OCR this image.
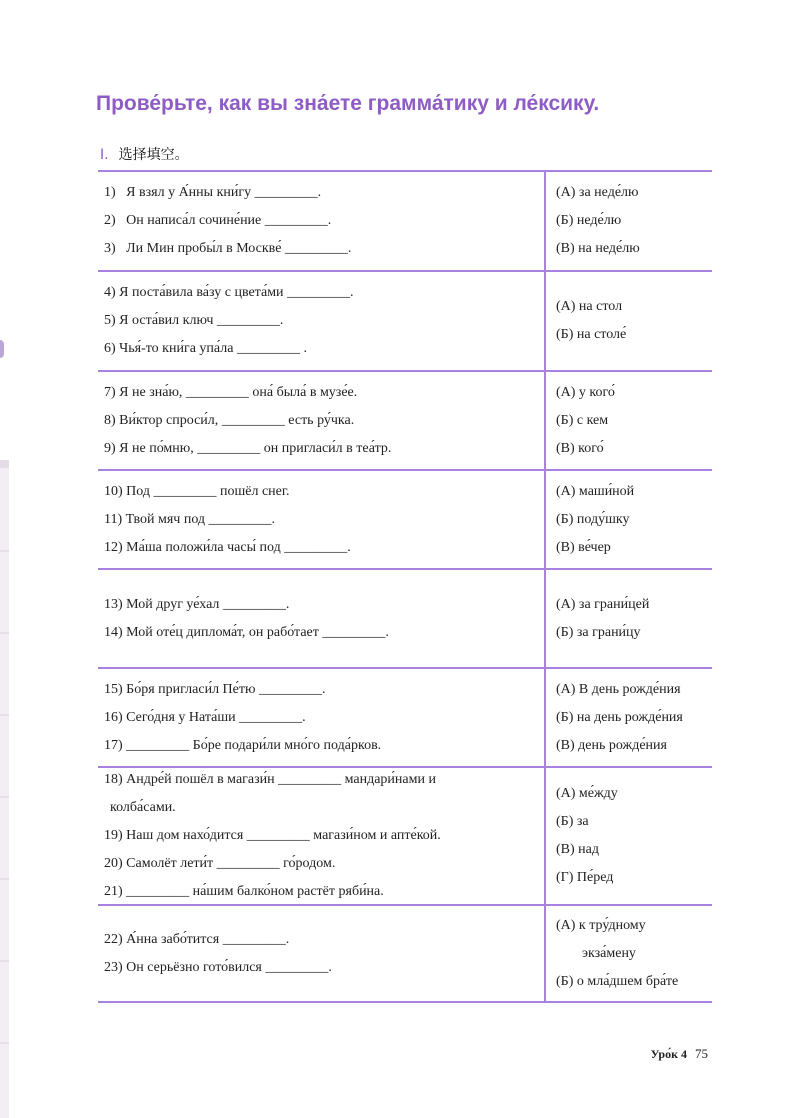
Прове́рьте, как вы зна́ете грамма́тику и ле́ксику.
I. 选择填空。
1)   Я взял у А́нны кни́гу _________.
2)   Он написа́л сочине́ние _________.
3)   Ли Мин пробы́л в Москве́ _________.
(А) за неде́лю
(Б) неде́лю
(В) на неде́лю
4) Я поста́вила ва́зу с цвета́ми _________.
5) Я оста́вил ключ _________.
6) Чья́-то кни́га упа́ла _________ .
(А) на стол
(Б) на столе́
7) Я не зна́ю, _________ она́ была́ в музе́е.
8) Ви́ктор спроси́л, _________ есть ру́чка.
9) Я не по́мню, _________ он пригласи́л в теа́тр.
(А) у кого́
(Б) с кем
(В) кого́
10) Под _________ пошёл снег.
11) Твой мяч под _________.
12) Ма́ша положи́ла часы́ под _________.
(А) маши́ной
(Б) поду́шку
(В) ве́чер
13) Мой друг уе́хал _________.
14) Мой оте́ц диплома́т, он рабо́тает _________.
(А) за грани́цей
(Б) за грани́цу
15) Бо́ря пригласи́л Пе́тю _________.
16) Сего́дня у Ната́ши _________.
17) _________ Бо́ре подари́ли мно́го пода́рков.
(А) В день рожде́ния
(Б) на день рожде́ния
(В) день рожде́ния
18) Андре́й пошёл в магази́н _________ мандари́нами и
колба́сами.
19) Наш дом нахо́дится _________ магази́ном и апте́кой.
20) Самолёт лети́т _________ го́родом.
21) _________ на́шим балко́ном растёт ряби́на.
(А) ме́жду
(Б) за
(В) над
(Г) Пе́ред
22) А́нна забо́тится _________.
23) Он серьёзно гото́вился _________.
(А) к тру́дному
экза́мену
(Б) о мла́дшем бра́те
Уро́к 4 75
